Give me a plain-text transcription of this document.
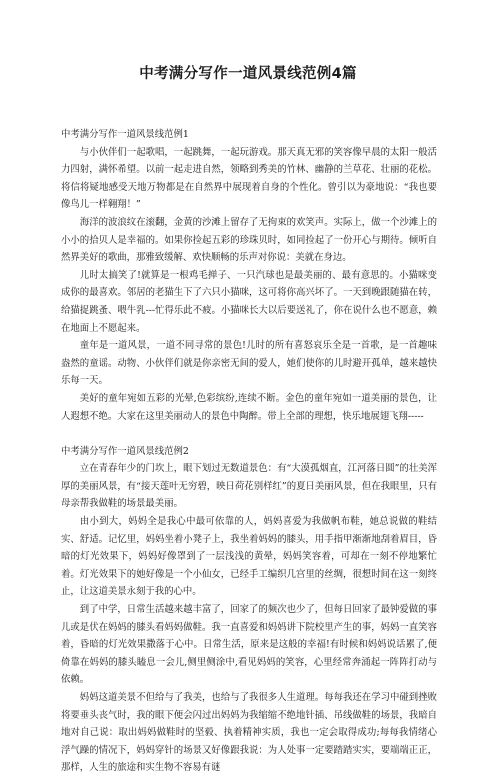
中考满分写作一道风景线范例4篇

中考满分写作一道风景线范例1

与小伙伴们一起歌唱，一起跳舞，一起玩游戏。那天真无邪的笑容像早晨的太阳一般活力四射，满怀希望。以前一起走进自然，领略到秀美的竹林、幽静的兰草花、壮丽的花松。将信将疑地感受天地万物都是在自然界中展现着自身的个性化。曾引以为豪地说：“我也要像鸟儿一样翱翔！”

海洋的波浪纹在滚翻，金黄的沙滩上留存了无拘束的欢笑声。实际上，做一个沙滩上的小小的拾贝人是幸福的。如果你捡起五彩的珍珠贝时，如同捡起了一份开心与期待。倾听自然界美好的歌曲，那雅致缓解、欢快顺畅的乐声对你说：美就在身边。

儿时太搞笑了!就算是一根鸡毛掸子、一只汽球也是最美丽的、最有意思的。小猫咪变成你的最喜欢。邻居的老猫生下了六只小猫咪，这可将你高兴坏了。一天到晚跟随猫在转，给猫捉跳蚤、喂牛乳---忙得乐此不疲。小猫咪长大以后要送礼了，你在说什么也不愿意，赖在地面上不愿起来。

童年是一道风景，一道不同寻常的景色!儿时的所有喜怒哀乐全是一首歌，是一首趣味盎然的童谣。动物、小伙伴们就是你亲密无间的爱人，她们使你的儿时避开孤单，越来越快乐每一天。

美好的童年宛如五彩的光晕,色彩缤纷,连续不断。金色的童年宛如一道美丽的景色，让人遐想不绝。大家在这里美丽动人的景色中陶醉。带上全部的理想，快乐地展翅飞翔-----

中考满分写作一道风景线范例2

立在青春年少的门坎上，眼下划过无数道景色：有“大漠孤烟直，江河落日圆”的壮美浑厚的美丽风景，有“接天莲叶无穷碧，映日荷花别样红”的夏日美丽风景，但在我眼里，只有母亲帮我做鞋的场景最美丽。

由小到大，妈妈全是我心中最可依靠的人，妈妈喜爱为我做帆布鞋，她总说做的鞋结实、舒适。记忆里，妈妈坐着小凳子上，我坐着妈妈的膝头，用手指甲渐渐地刮着眉目，昏暗的灯光效果下，妈妈好像罩到了一层浅浅的黄晕，妈妈笑容着，可却在一刻不停地繁忙着。灯光效果下的她好像是一个小仙女，已经手工编织几宫里的丝绸，很想时间在这一刻终止，让这道美景永刻于我的心中。

到了中学，日常生活越来越丰富了，回家了的频次也少了，但每日回家了最钟爱做的事儿或是伏在妈妈的膝头看妈妈做鞋。我一直喜爱和妈妈讲下院校里产生的事，妈妈一直笑容着，昏暗的灯光效果撒落于心中。日常生活，原来是这般的幸福!有时候和妈妈说话累了,便倚靠在妈妈的膝头瞌息一会儿,侧里侧涂中,看见妈妈的笑容，心里经常奔涌起一阵阵打动与依赖。

妈妈这道美景不但给与了我美，也给与了我很多人生道理。每每我还在学习中碰到挫败将要垂头丧气时，我的眼下便会闪过出妈妈为我缩缩不绝地针插、吊线做鞋的场景，我暗自地对自己说：取出妈妈做鞋时的坚毅、执着精神实质，我也一定会取得成功;每每我情绪心浮气躁的情况下，妈妈穿针的场景又好像跟我说：为人处事一定要踏踏实实，要端端正正，那样，人生的旅途和实生物不容易有谜
